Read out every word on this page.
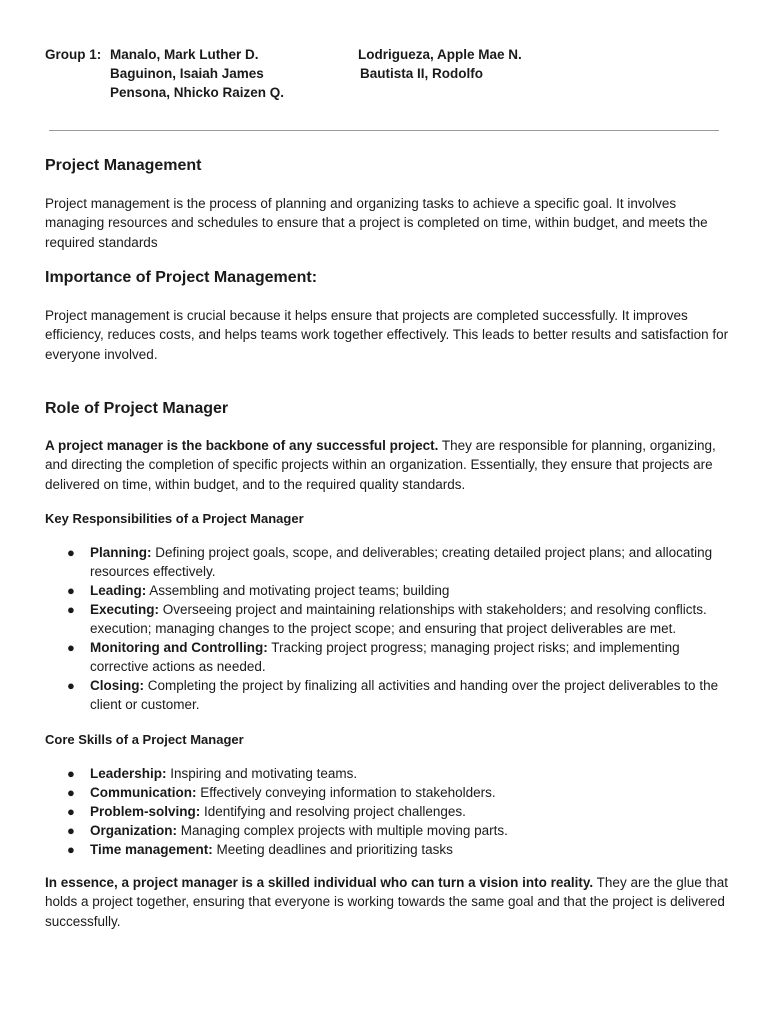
Group 1: Manalo, Mark Luther D.
Baguinon, Isaiah James
Pensona, Nhicko Raizen Q.
Lodrigueza, Apple Mae N.
Bautista II, Rodolfo
Project Management

Project management is the process of planning and organizing tasks to achieve a specific goal. It involves managing resources and schedules to ensure that a project is completed on time, within budget, and meets the required standards

Importance of Project Management:

Project management is crucial because it helps ensure that projects are completed successfully. It improves efficiency, reduces costs, and helps teams work together effectively. This leads to better results and satisfaction for everyone involved.

Role of Project Manager

A project manager is the backbone of any successful project. They are responsible for planning, organizing, and directing the completion of specific projects within an organization. Essentially, they ensure that projects are delivered on time, within budget, and to the required quality standards.

Key Responsibilities of a Project Manager
● Planning: Defining project goals, scope, and deliverables; creating detailed project plans; and allocating resources effectively.
● Leading: Assembling and motivating project teams; building
● Executing: Overseeing project and maintaining relationships with stakeholders; and resolving conflicts. execution; managing changes to the project scope; and ensuring that project deliverables are met.
● Monitoring and Controlling: Tracking project progress; managing project risks; and implementing corrective actions as needed.
● Closing: Completing the project by finalizing all activities and handing over the project deliverables to the client or customer.
Core Skills of a Project Manager
● Leadership: Inspiring and motivating teams.
● Communication: Effectively conveying information to stakeholders.
● Problem-solving: Identifying and resolving project challenges.
● Organization: Managing complex projects with multiple moving parts.
● Time management: Meeting deadlines and prioritizing tasks

In essence, a project manager is a skilled individual who can turn a vision into reality. They are the glue that holds a project together, ensuring that everyone is working towards the same goal and that the project is delivered successfully.
